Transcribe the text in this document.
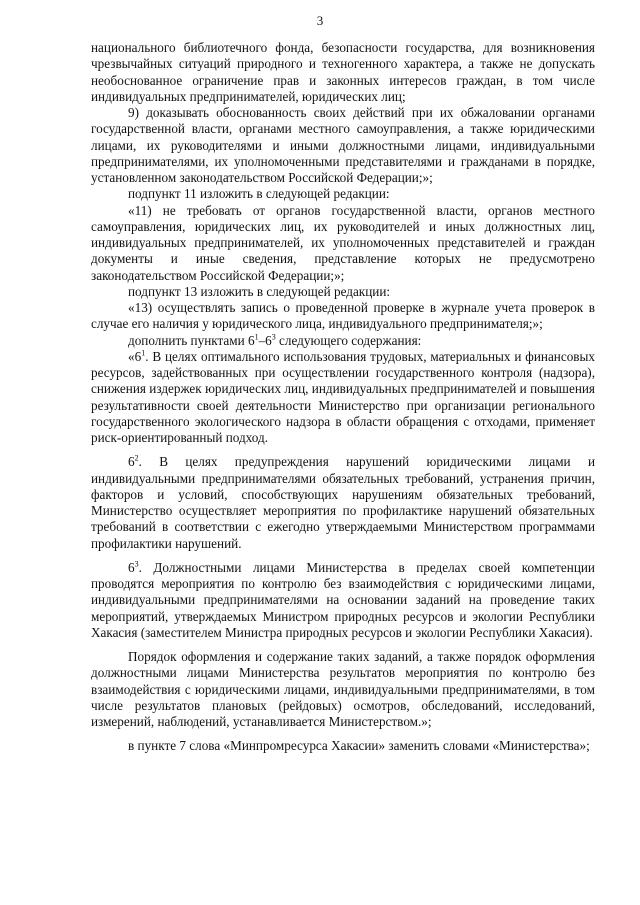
3

национального библиотечного фонда, безопасности государства, для возникновения чрезвычайных ситуаций природного и техногенного характера, а также не допускать необоснованное ограничение прав и законных интересов граждан, в том числе индивидуальных предпринимателей, юридических лиц;

9) доказывать обоснованность своих действий при их обжаловании органами государственной власти, органами местного самоуправления, а также юридическими лицами, их руководителями и иными должностными лицами, индивидуальными предпринимателями, их уполномоченными представителями и гражданами в порядке, установленном законодательством Российской Федерации;»;

подпункт 11 изложить в следующей редакции:

«11) не требовать от органов государственной власти, органов местного самоуправления, юридических лиц, их руководителей и иных должностных лиц, индивидуальных предпринимателей, их уполномоченных представителей и граждан документы и иные сведения, представление которых не предусмотрено законодательством Российской Федерации;»;

подпункт 13 изложить в следующей редакции:

«13) осуществлять запись о проведенной проверке в журнале учета проверок в случае его наличия у юридического лица, индивидуального предпринимателя;»;

дополнить пунктами $6^1-6^3$ следующего содержания:

«$6^1$. В целях оптимального использования трудовых, материальных и финансовых ресурсов, задействованных при осуществлении государственного контроля (надзора), снижения издержек юридических лиц, индивидуальных предпринимателей и повышения результативности своей деятельности Министерство при организации регионального государственного экологического надзора в области обращения с отходами, применяет риск-ориентированный подход.

$6^2$. В целях предупреждения нарушений юридическими лицами и индивидуальными предпринимателями обязательных требований, устранения причин, факторов и условий, способствующих нарушениям обязательных требований, Министерство осуществляет мероприятия по профилактике нарушений обязательных требований в соответствии с ежегодно утверждаемыми Министерством программами профилактики нарушений.

$6^3$. Должностными лицами Министерства в пределах своей компетенции проводятся мероприятия по контролю без взаимодействия с юридическими лицами, индивидуальными предпринимателями на основании заданий на проведение таких мероприятий, утверждаемых Министром природных ресурсов и экологии Республики Хакасия (заместителем Министра природных ресурсов и экологии Республики Хакасия).

Порядок оформления и содержание таких заданий, а также порядок оформления должностными лицами Министерства результатов мероприятия по контролю без взаимодействия с юридическими лицами, индивидуальными предпринимателями, в том числе результатов плановых (рейдовых) осмотров, обследований, исследований, измерений, наблюдений, устанавливается Министерством.»;

в пункте 7 слова «Минпромресурса Хакасии» заменить словами «Министерства»;
